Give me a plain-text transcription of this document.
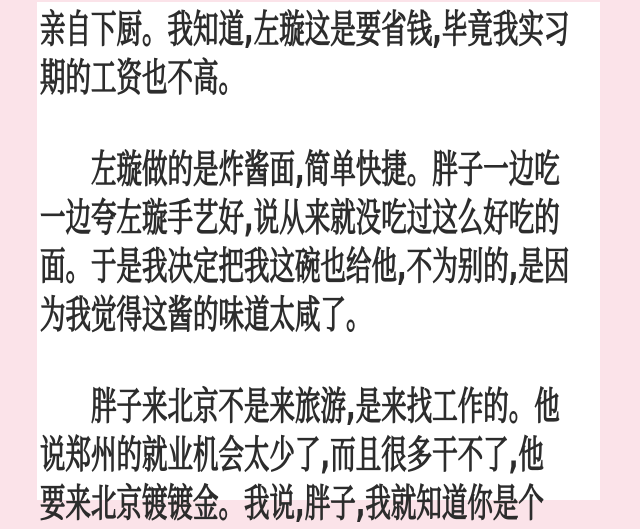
亲自下厨。我知道,左璇这是要省钱,毕竟我实习
期的工资也不高。
左璇做的是炸酱面,简单快捷。胖子一边吃
一边夸左璇手艺好,说从来就没吃过这么好吃的
面。于是我决定把我这碗也给他,不为别的,是因
为我觉得这酱的味道太咸了。
胖子来北京不是来旅游,是来找工作的。他
说郑州的就业机会太少了,而且很多干不了,他
要来北京镀镀金。我说,胖子,我就知道你是个
